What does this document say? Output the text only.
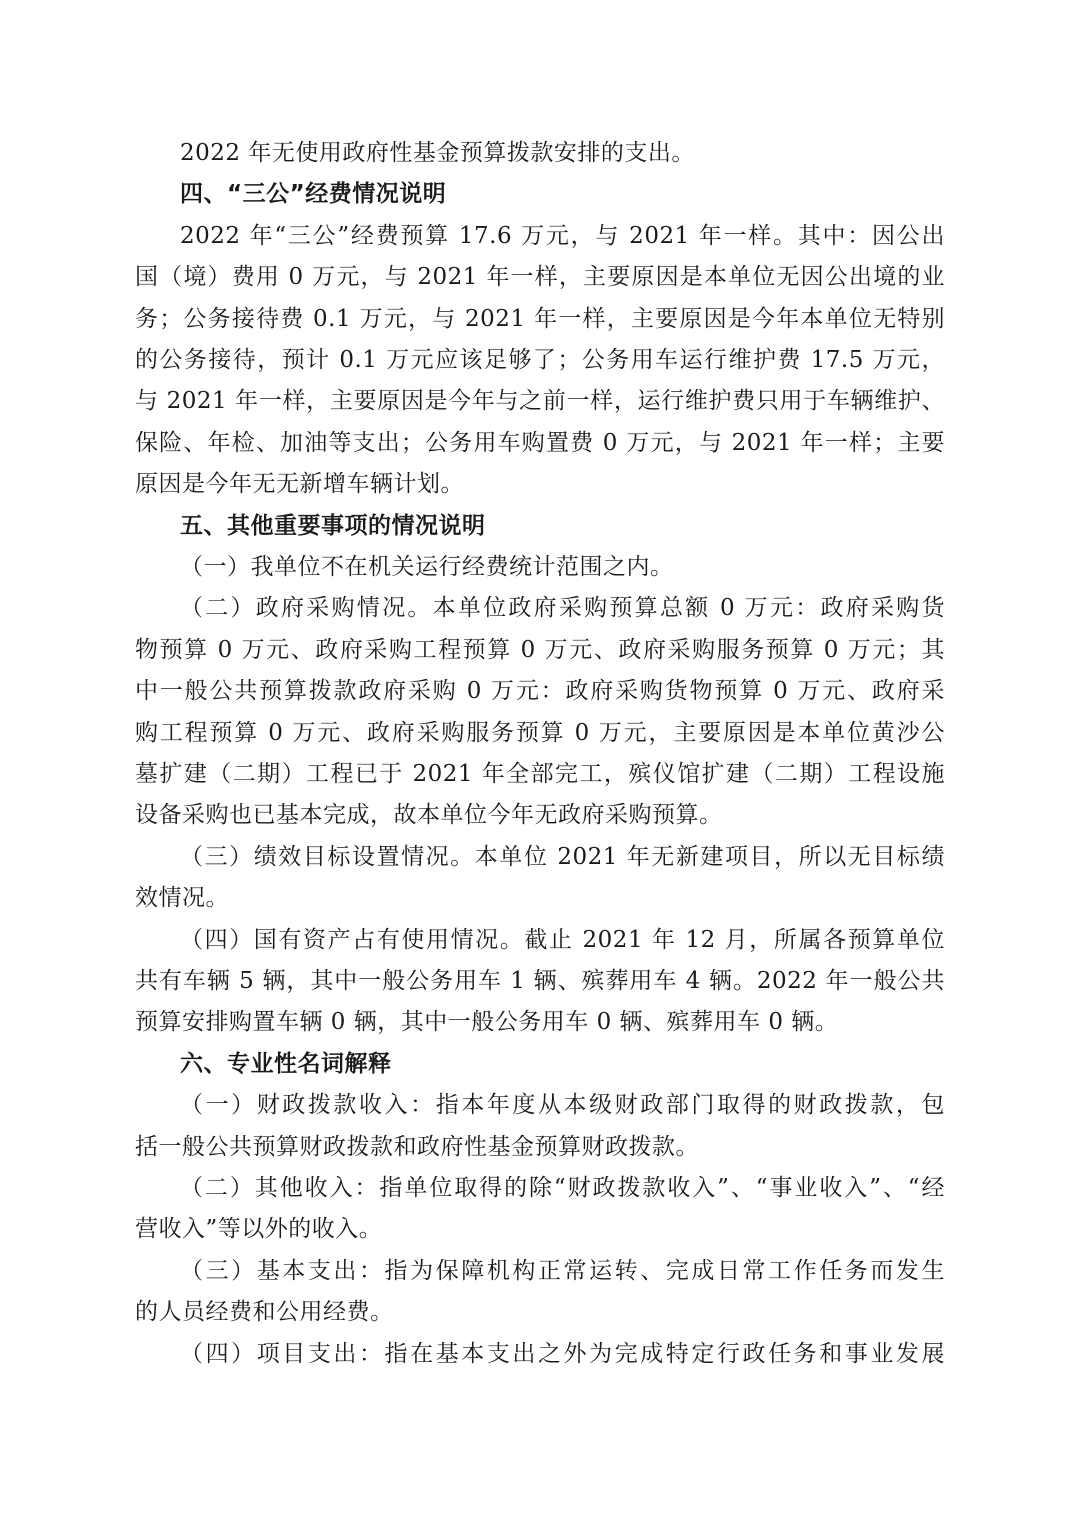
2022 年无使用政府性基金预算拨款安排的支出。
四、“三公”经费情况说明
2022 年“三公”经费预算 17.6 万元，与 2021 年一样。其中：因公出
国（境）费用 0 万元，与 2021 年一样，主要原因是本单位无因公出境的业
务；公务接待费 0.1 万元，与 2021 年一样，主要原因是今年本单位无特别
的公务接待，预计 0.1 万元应该足够了；公务用车运行维护费 17.5 万元，
与 2021 年一样，主要原因是今年与之前一样，运行维护费只用于车辆维护、
保险、年检、加油等支出；公务用车购置费 0 万元，与 2021 年一样；主要
原因是今年无无新增车辆计划。
五、其他重要事项的情况说明
（一）我单位不在机关运行经费统计范围之内。
（二）政府采购情况。本单位政府采购预算总额 0 万元：政府采购货
物预算 0 万元、政府采购工程预算 0 万元、政府采购服务预算 0 万元；其
中一般公共预算拨款政府采购 0 万元：政府采购货物预算 0 万元、政府采
购工程预算 0 万元、政府采购服务预算 0 万元，主要原因是本单位黄沙公
墓扩建（二期）工程已于 2021 年全部完工，殡仪馆扩建（二期）工程设施
设备采购也已基本完成，故本单位今年无政府采购预算。
（三）绩效目标设置情况。本单位 2021 年无新建项目，所以无目标绩
效情况。
（四）国有资产占有使用情况。截止 2021 年 12 月，所属各预算单位
共有车辆 5 辆，其中一般公务用车 1 辆、殡葬用车 4 辆。2022 年一般公共
预算安排购置车辆 0 辆，其中一般公务用车 0 辆、殡葬用车 0 辆。
六、专业性名词解释
（一）财政拨款收入：指本年度从本级财政部门取得的财政拨款，包
括一般公共预算财政拨款和政府性基金预算财政拨款。
（二）其他收入：指单位取得的除“财政拨款收入”、“事业收入”、“经
营收入”等以外的收入。
（三）基本支出：指为保障机构正常运转、完成日常工作任务而发生
的人员经费和公用经费。
（四）项目支出：指在基本支出之外为完成特定行政任务和事业发展
